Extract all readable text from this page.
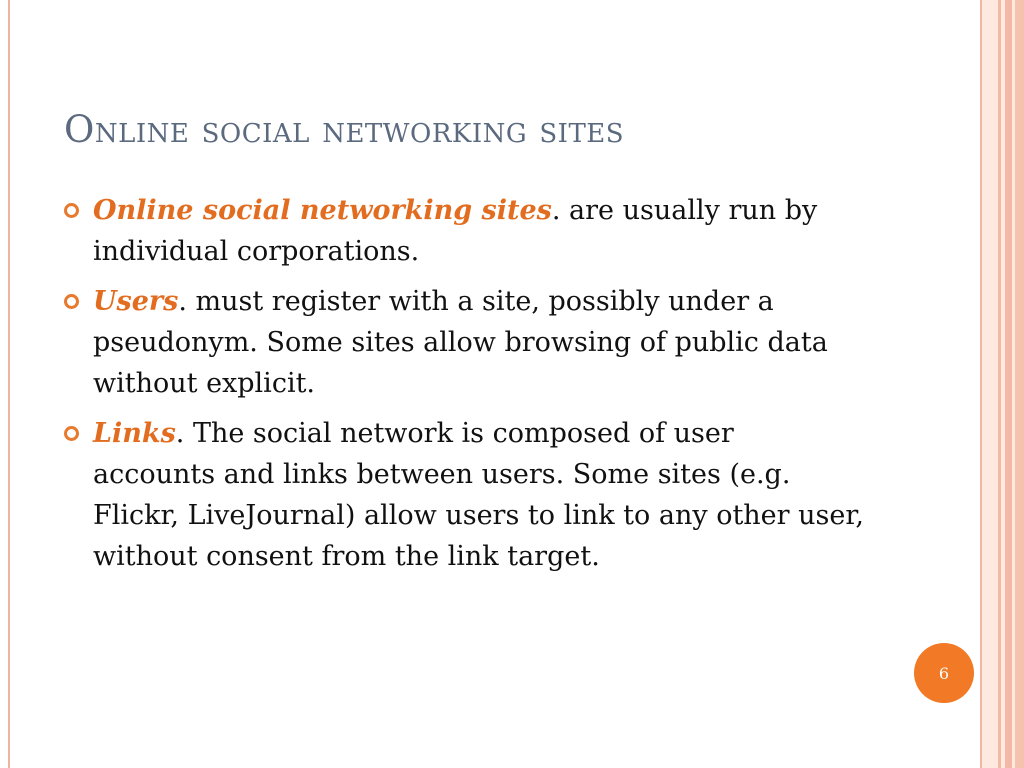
Online social networking sites
Online social networking sites. are usually run by individual corporations.
Users. must register with a site, possibly under a pseudonym. Some sites allow browsing of public data without explicit.
Links. The social network is composed of user accounts and links between users. Some sites (e.g. Flickr, LiveJournal) allow users to link to any other user, without consent from the link target.
6
